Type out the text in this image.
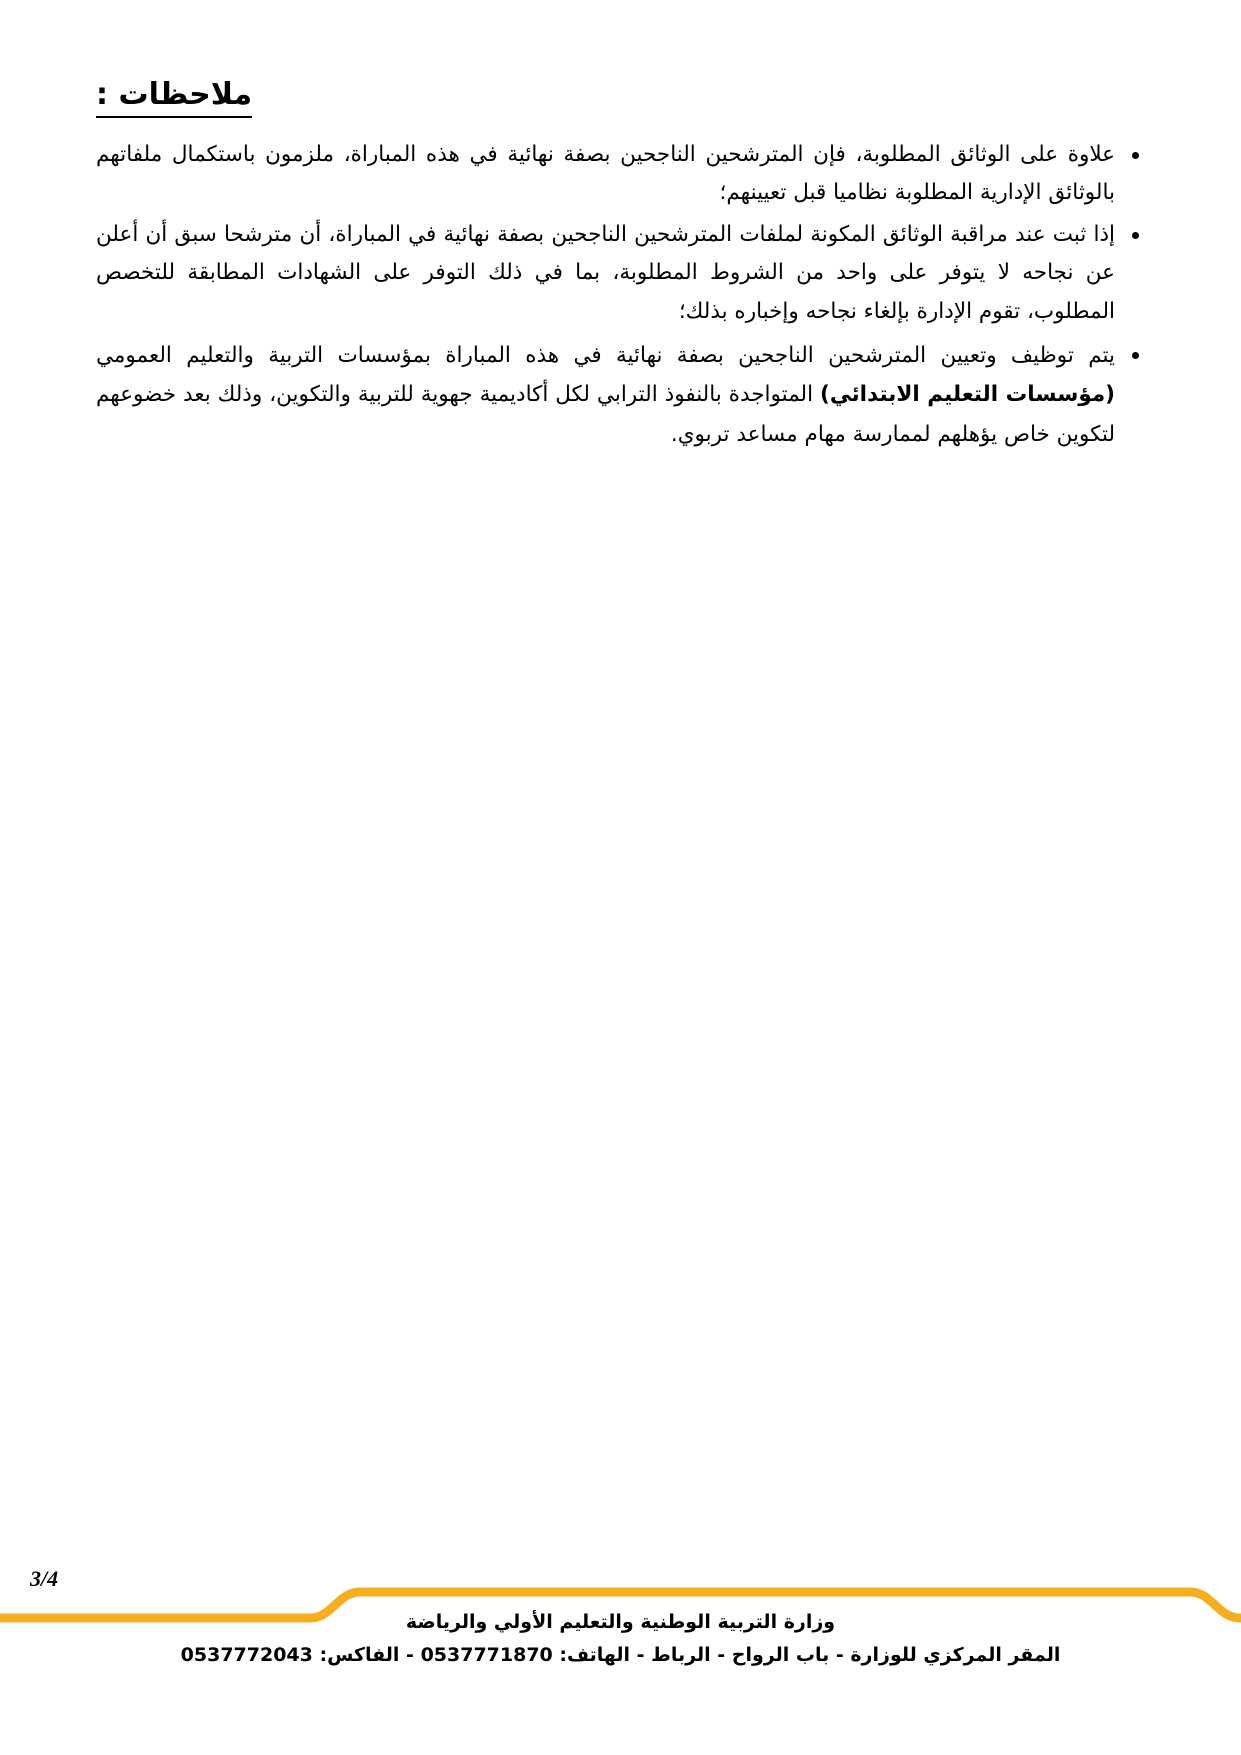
ملاحظات :
علاوة على الوثائق المطلوبة، فإن المترشحين الناجحين بصفة نهائية في هذه المباراة، ملزمون باستكمال ملفاتهم بالوثائق الإدارية المطلوبة نظاميا قبل تعيينهم؛
إذا ثبت عند مراقبة الوثائق المكونة لملفات المترشحين الناجحين بصفة نهائية في المباراة، أن مترشحا سبق أن أعلن عن نجاحه لا يتوفر على واحد من الشروط المطلوبة، بما في ذلك التوفر على الشهادات المطابقة للتخصص المطلوب، تقوم الإدارة بإلغاء نجاحه وإخباره بذلك؛
يتم توظيف وتعيين المترشحين الناجحين بصفة نهائية في هذه المباراة بمؤسسات التربية والتعليم العمومي (مؤسسات التعليم الابتدائي) المتواجدة بالنفوذ الترابي لكل أكاديمية جهوية للتربية والتكوين، وذلك بعد خضوعهم لتكوين خاص يؤهلهم لممارسة مهام مساعد تربوي.
3/4
وزارة التربية الوطنية والتعليم الأولي والرياضة
المقر المركزي للوزارة - باب الرواح - الرباط - الهاتف: 0537771870 - الفاكس: 0537772043
